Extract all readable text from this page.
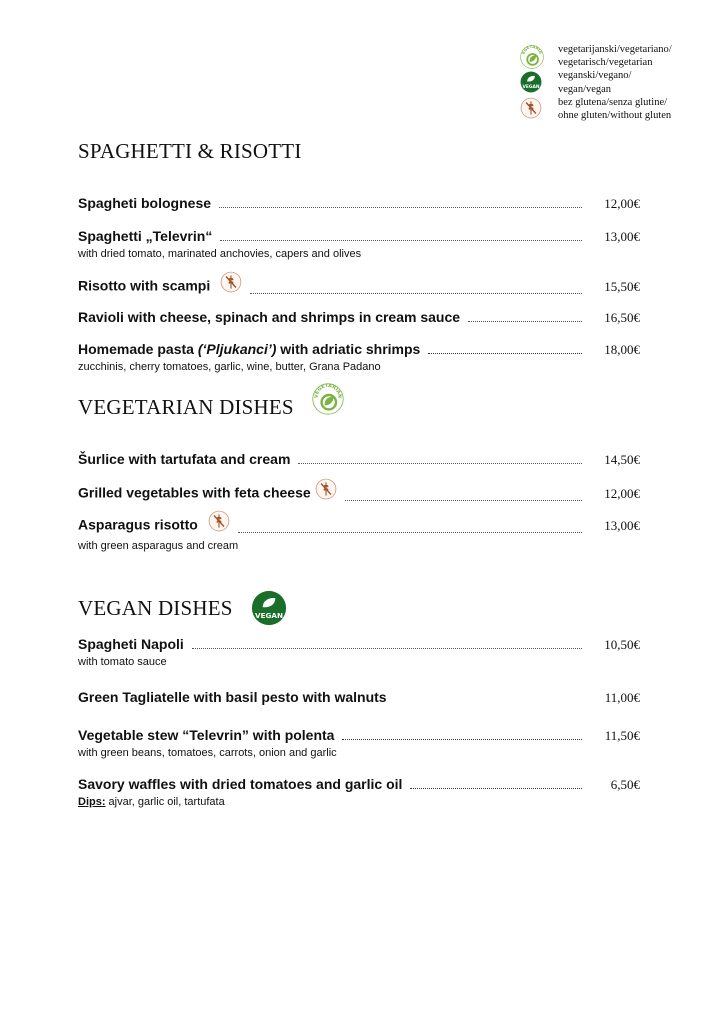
EGETARIA
VEGAN
vegetarijanski/vegetariano/
vegetarisch/vegetarian
veganski/vegano/
vegan/vegan
bez glutena/senza glutine/
ohne gluten/without gluten
SPAGHETTI & RISOTTI
Spagheti bolognese	12,00€
Spaghetti „Televrin“	13,00€
with dried tomato, marinated anchovies, capers and olives
Risotto with scampi	15,50€
Ravioli with cheese, spinach and shrimps in cream sauce	16,50€
Homemade pasta (‘Pljukanci’) with adriatic shrimps	18,00€
zucchinis, cherry tomatoes, garlic, wine, butter, Grana Padano
VEGETARIAN DISHES	VEGETARIAN
Šurlice with tartufata and cream	14,50€
Grilled vegetables with feta cheese	12,00€
Asparagus risotto	13,00€
with green asparagus and cream
VEGAN DISHES	VEGAN
Spagheti Napoli	10,50€
with tomato sauce
Green Tagliatelle with basil pesto with walnuts	11,00€
Vegetable stew “Televrin” with polenta	11,50€
with green beans, tomatoes, carrots, onion and garlic
Savory waffles with dried tomatoes and garlic oil	6,50€
Dips: ajvar, garlic oil, tartufata
